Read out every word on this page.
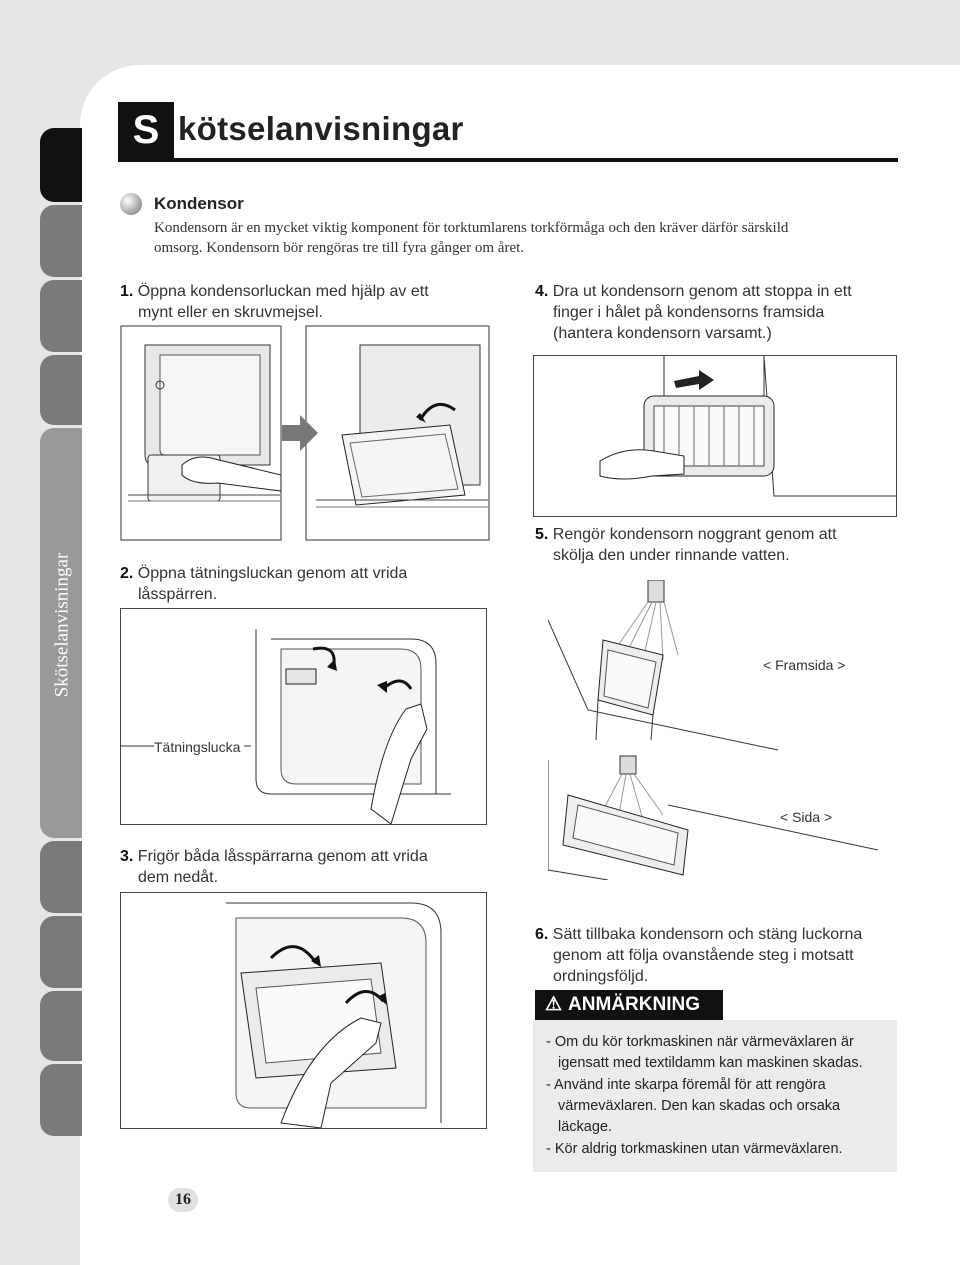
Skötselanvisningar
S kötselanvisningar
Kondensor
Kondensorn är en mycket viktig komponent för torktumlarens torkförmåga och den kräver därför särskild
omsorg. Kondensorn bör rengöras tre till fyra gånger om året.
1. Öppna kondensorluckan med hjälp av ett
mynt eller en skruvmejsel.
4. Dra ut kondensorn genom att stoppa in ett
finger i hålet på kondensorns framsida
(hantera kondensorn varsamt.)
2. Öppna tätningsluckan genom att vrida
låsspärren.
Tätningslucka
5. Rengör kondensorn noggrant genom att
skölja den under rinnande vatten.
< Framsida >
< Sida >
3. Frigör båda låsspärrarna genom att vrida
dem nedåt.
6. Sätt tillbaka kondensorn och stäng luckorna
genom att följa ovanstående steg i motsatt
ordningsföljd.
⚠ ANMÄRKNING
- Om du kör torkmaskinen när värmeväxlaren är
igensatt med textildamm kan maskinen skadas.
- Använd inte skarpa föremål för att rengöra
värmeväxlaren. Den kan skadas och orsaka
läckage.
- Kör aldrig torkmaskinen utan värmeväxlaren.
16
